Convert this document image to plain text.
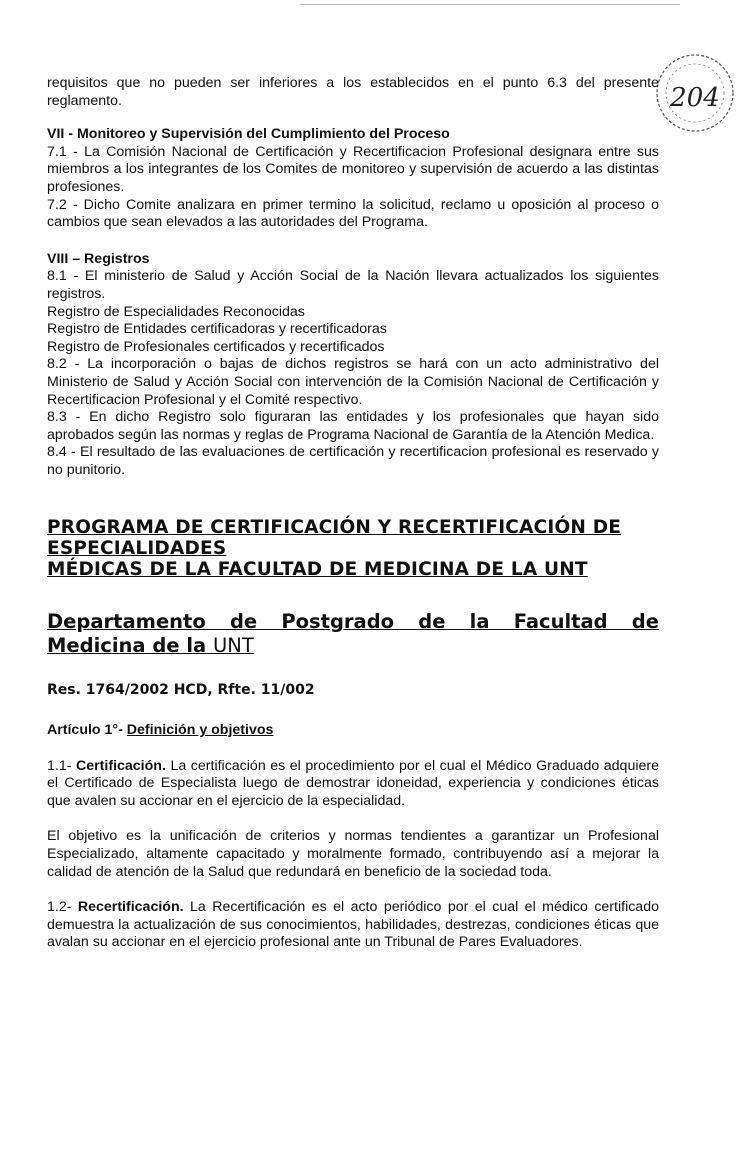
204

requisitos que no pueden ser inferiores a los establecidos en el punto 6.3 del presente reglamento.

VII - Monitoreo y Supervisión del Cumplimiento del Proceso

7.1 - La Comisión Nacional de Certificación y Recertificacion Profesional designara entre sus miembros a los integrantes de los Comites de monitoreo y supervisión de acuerdo a las distintas profesiones.

7.2 - Dicho Comite analizara en primer termino la solicitud, reclamo u oposición al proceso o cambios que sean elevados a las autoridades del Programa.

VIII – Registros

8.1 - El ministerio de Salud y Acción Social de la Nación llevara actualizados los siguientes registros.

Registro de Especialidades Reconocidas

Registro de Entidades certificadoras y recertificadoras

Registro de Profesionales certificados y recertificados

8.2 - La incorporación o bajas de dichos registros se hará con un acto administrativo del Ministerio de Salud y Acción Social con intervención de la Comisión Nacional de Certificación y Recertificacion Profesional y el Comité respectivo.

8.3 - En dicho Registro solo figuraran las entidades y los profesionales que hayan sido aprobados según las normas y reglas de Programa Nacional de Garantía de la Atención Medica.

8.4 - El resultado de las evaluaciones de certificación y recertificacion profesional es reservado y no punitorio.

PROGRAMA DE CERTIFICACIÓN Y RECERTIFICACIÓN DE ESPECIALIDADES

MÉDICAS DE LA FACULTAD DE MEDICINA DE LA UNT

Departamento de Postgrado de la Facultad de Medicina de la UNT

Res. 1764/2002 HCD, Rfte. 11/002

Artículo 1°- Definición y objetivos

1.1- Certificación. La certificación es el procedimiento por el cual el Médico Graduado adquiere el Certificado de Especialista luego de demostrar idoneidad, experiencia y condiciones éticas que avalen su accionar en el ejercicio de la especialidad.

El objetivo es la unificación de criterios y normas tendientes a garantizar un Profesional Especializado, altamente capacitado y moralmente formado, contribuyendo así a mejorar la calidad de atención de la Salud que redundará en beneficio de la sociedad toda.

1.2- Recertificación. La Recertificación es el acto periódico por el cual el médico certificado demuestra la actualización de sus conocimientos, habilidades, destrezas, condiciones éticas que avalan su accionar en el ejercicio profesional ante un Tribunal de Pares Evaluadores.
